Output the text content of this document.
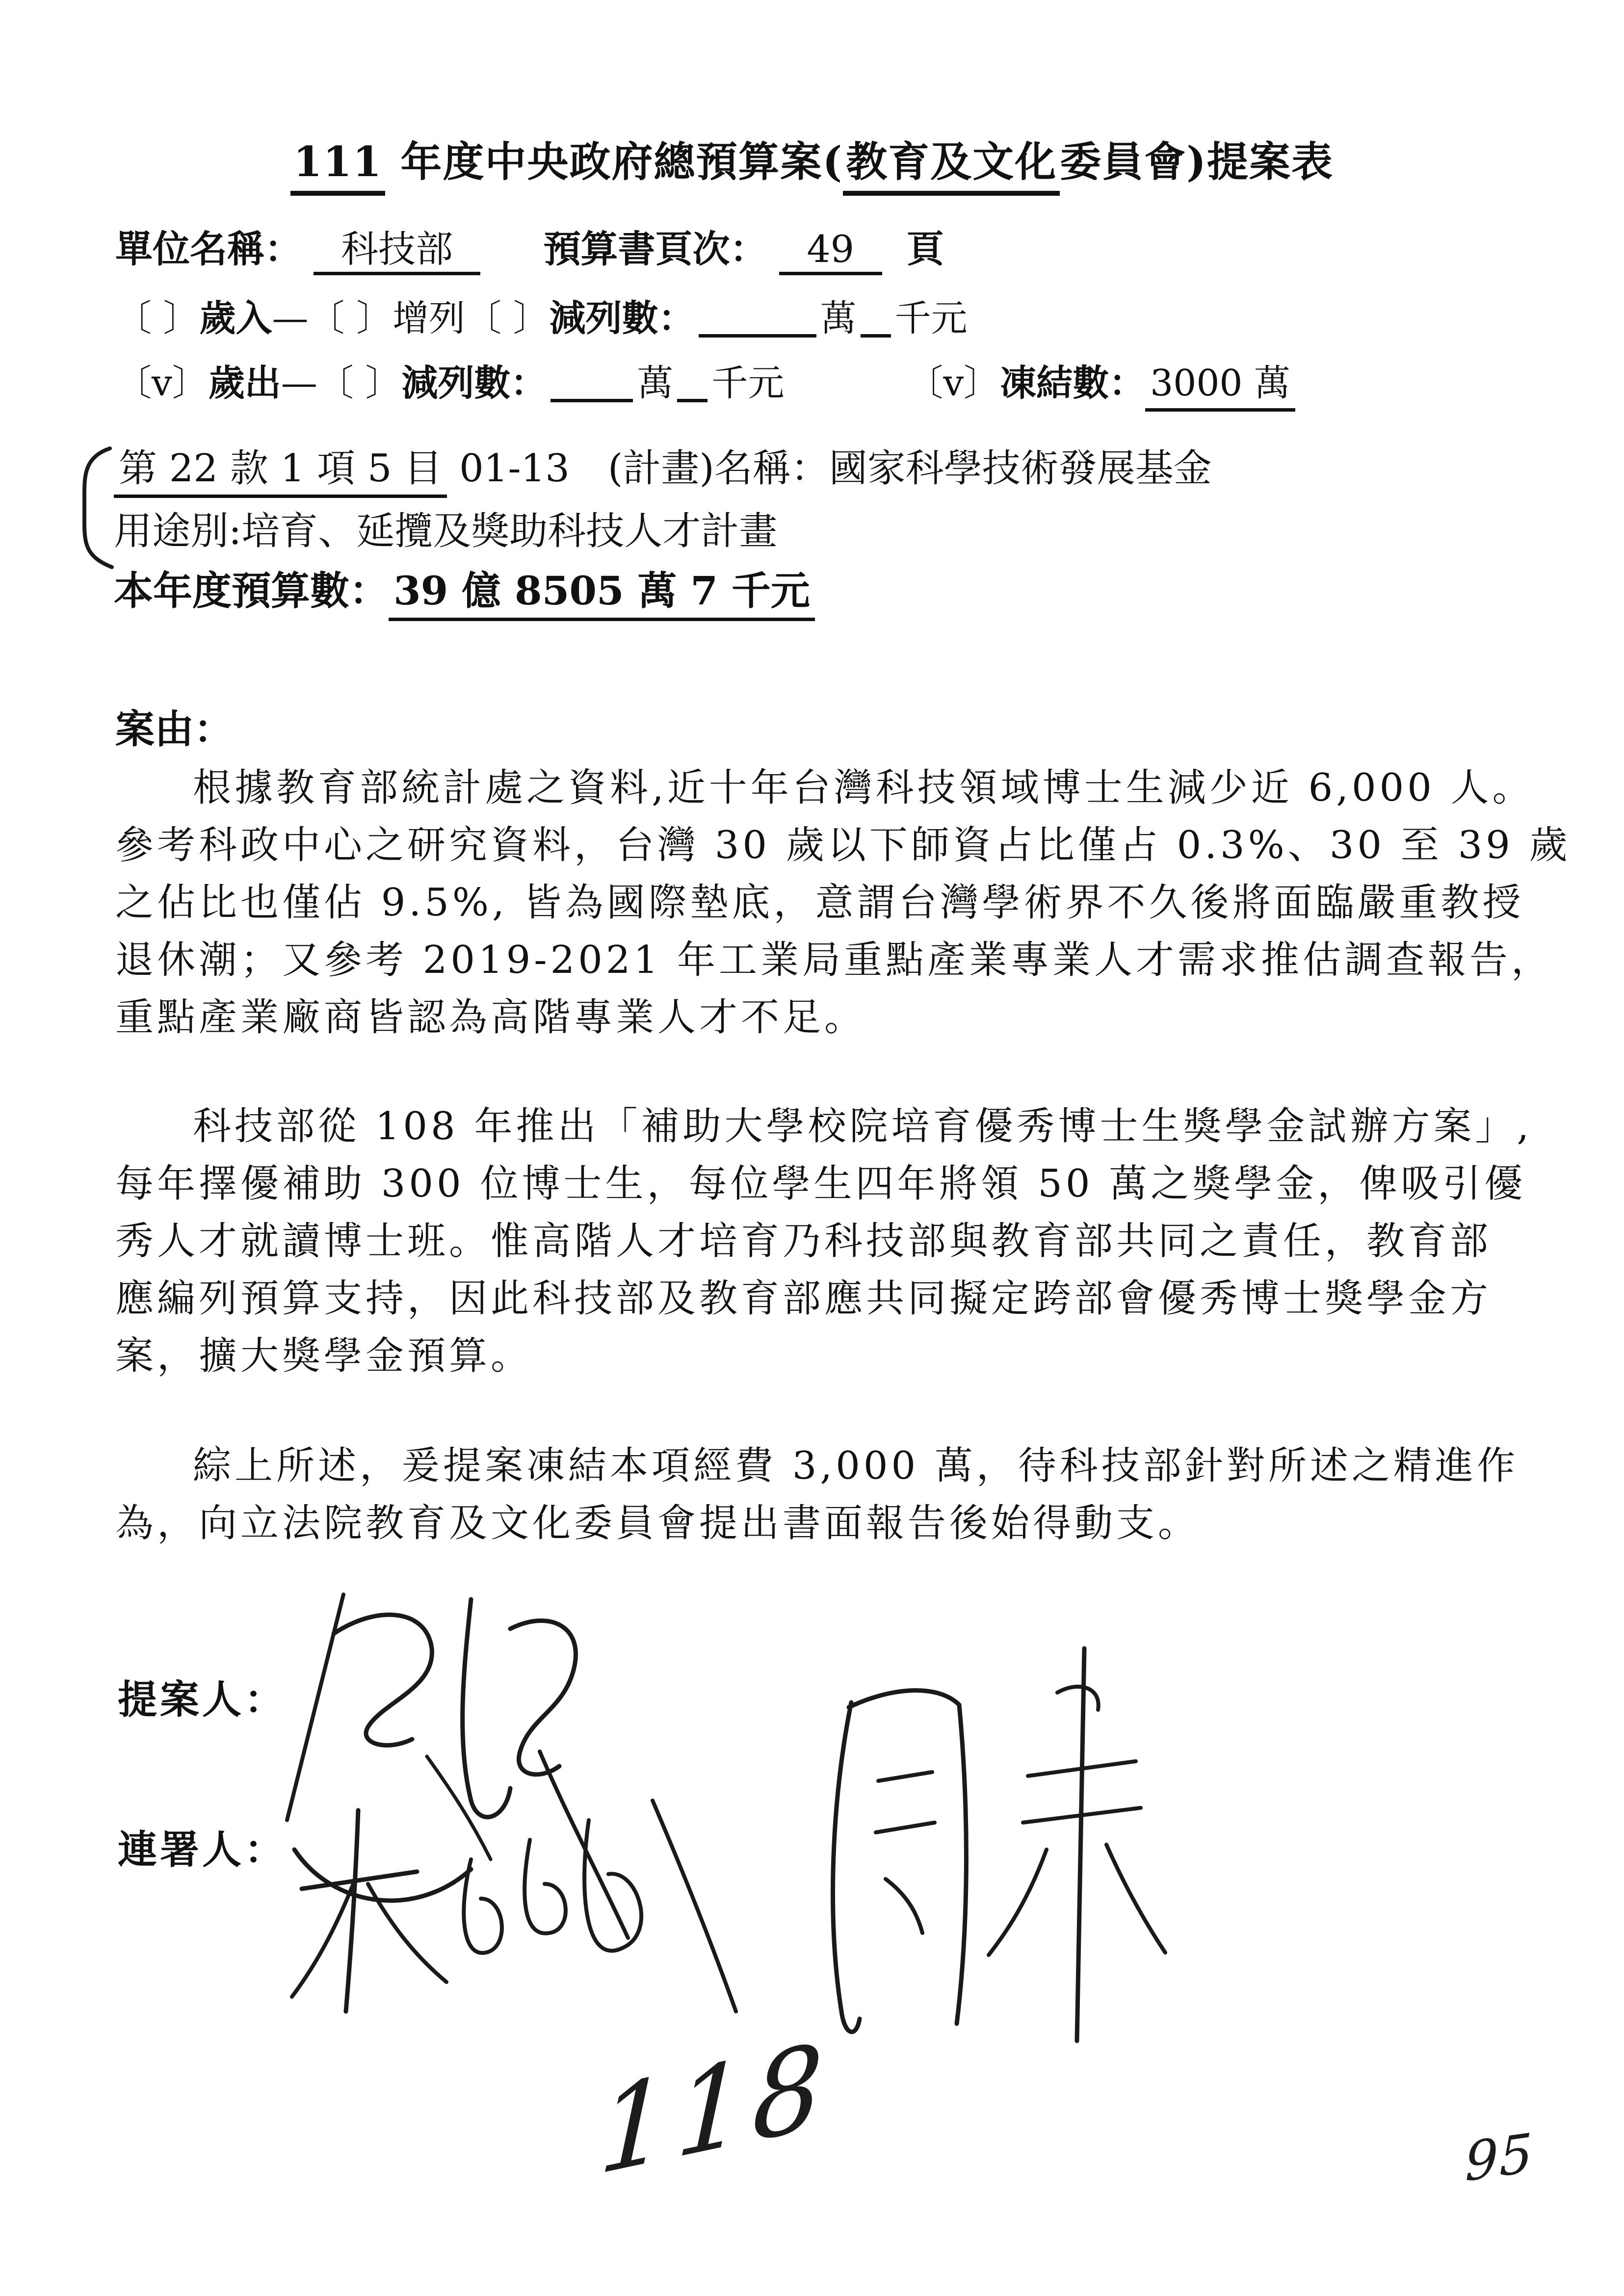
111 年度中央政府總預算案(教育及文化委員會)提案表
單位名稱： 科技部 預算書頁次： 49 頁
〔 〕歲入—〔 〕增列〔 〕減列數：	萬 千元
〔v〕歲出—〔 〕減列數： 萬 千元	〔v〕凍結數： 3000 萬
第 22 款 1 項 5 目 01-13　(計畫)名稱：國家科學技術發展基金
用途別:培育、延攬及獎助科技人才計畫
本年度預算數： 39 億 8505 萬 7 千元
案由：
根據教育部統計處之資料,近十年台灣科技領域博士生減少近 6,000 人。
參考科政中心之研究資料，台灣 30 歲以下師資占比僅占 0.3%、30 至 39 歲
之佔比也僅佔 9.5%, 皆為國際墊底，意謂台灣學術界不久後將面臨嚴重教授
退休潮；又參考 2019-2021 年工業局重點產業專業人才需求推估調查報告，
重點產業廠商皆認為高階專業人才不足。
科技部從 108 年推出「補助大學校院培育優秀博士生獎學金試辦方案」,
每年擇優補助 300 位博士生，每位學生四年將領 50 萬之獎學金，俾吸引優
秀人才就讀博士班。惟高階人才培育乃科技部與教育部共同之責任，教育部
應編列預算支持，因此科技部及教育部應共同擬定跨部會優秀博士獎學金方
案，擴大獎學金預算。
綜上所述，爰提案凍結本項經費 3,000 萬，待科技部針對所述之精進作
為，向立法院教育及文化委員會提出書面報告後始得動支。
提案人：
連署人：
118	95
